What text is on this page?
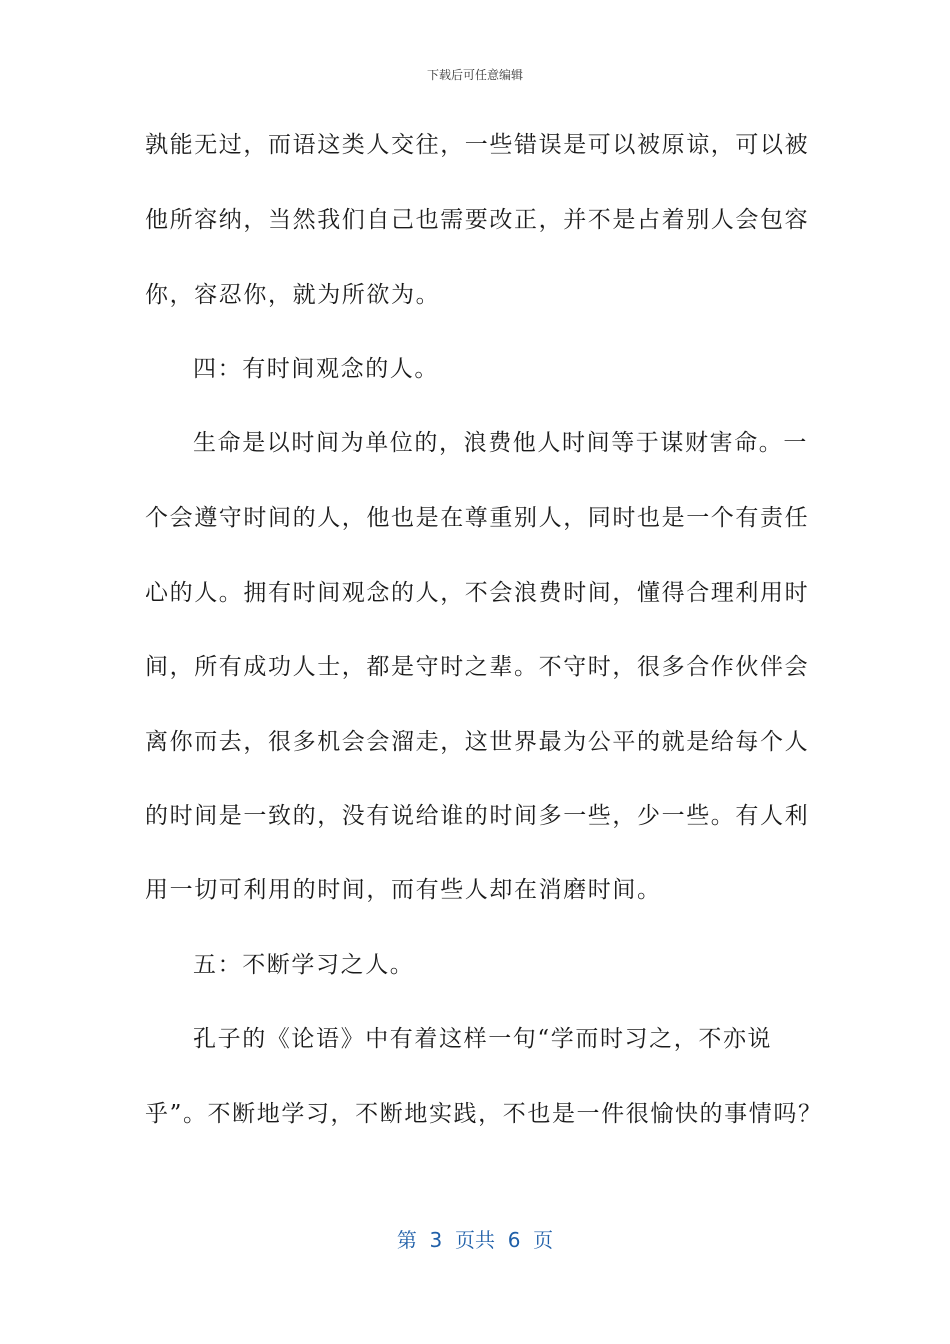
下载后可任意编辑
孰能无过，而语这类人交往，一些错误是可以被原谅，可以被
他所容纳，当然我们自己也需要改正，并不是占着别人会包容
你，容忍你，就为所欲为。
四：有时间观念的人。
生命是以时间为单位的，浪费他人时间等于谋财害命。一
个会遵守时间的人，他也是在尊重别人，同时也是一个有责任
心的人。拥有时间观念的人，不会浪费时间，懂得合理利用时
间，所有成功人士，都是守时之辈。不守时，很多合作伙伴会
离你而去，很多机会会溜走，这世界最为公平的就是给每个人
的时间是一致的，没有说给谁的时间多一些，少一些。有人利
用一切可利用的时间，而有些人却在消磨时间。
五：不断学习之人。
孔子的《论语》中有着这样一句“学而时习之，不亦说
乎”。不断地学习，不断地实践，不也是一件很愉快的事情吗？
第  3  页共  6  页
